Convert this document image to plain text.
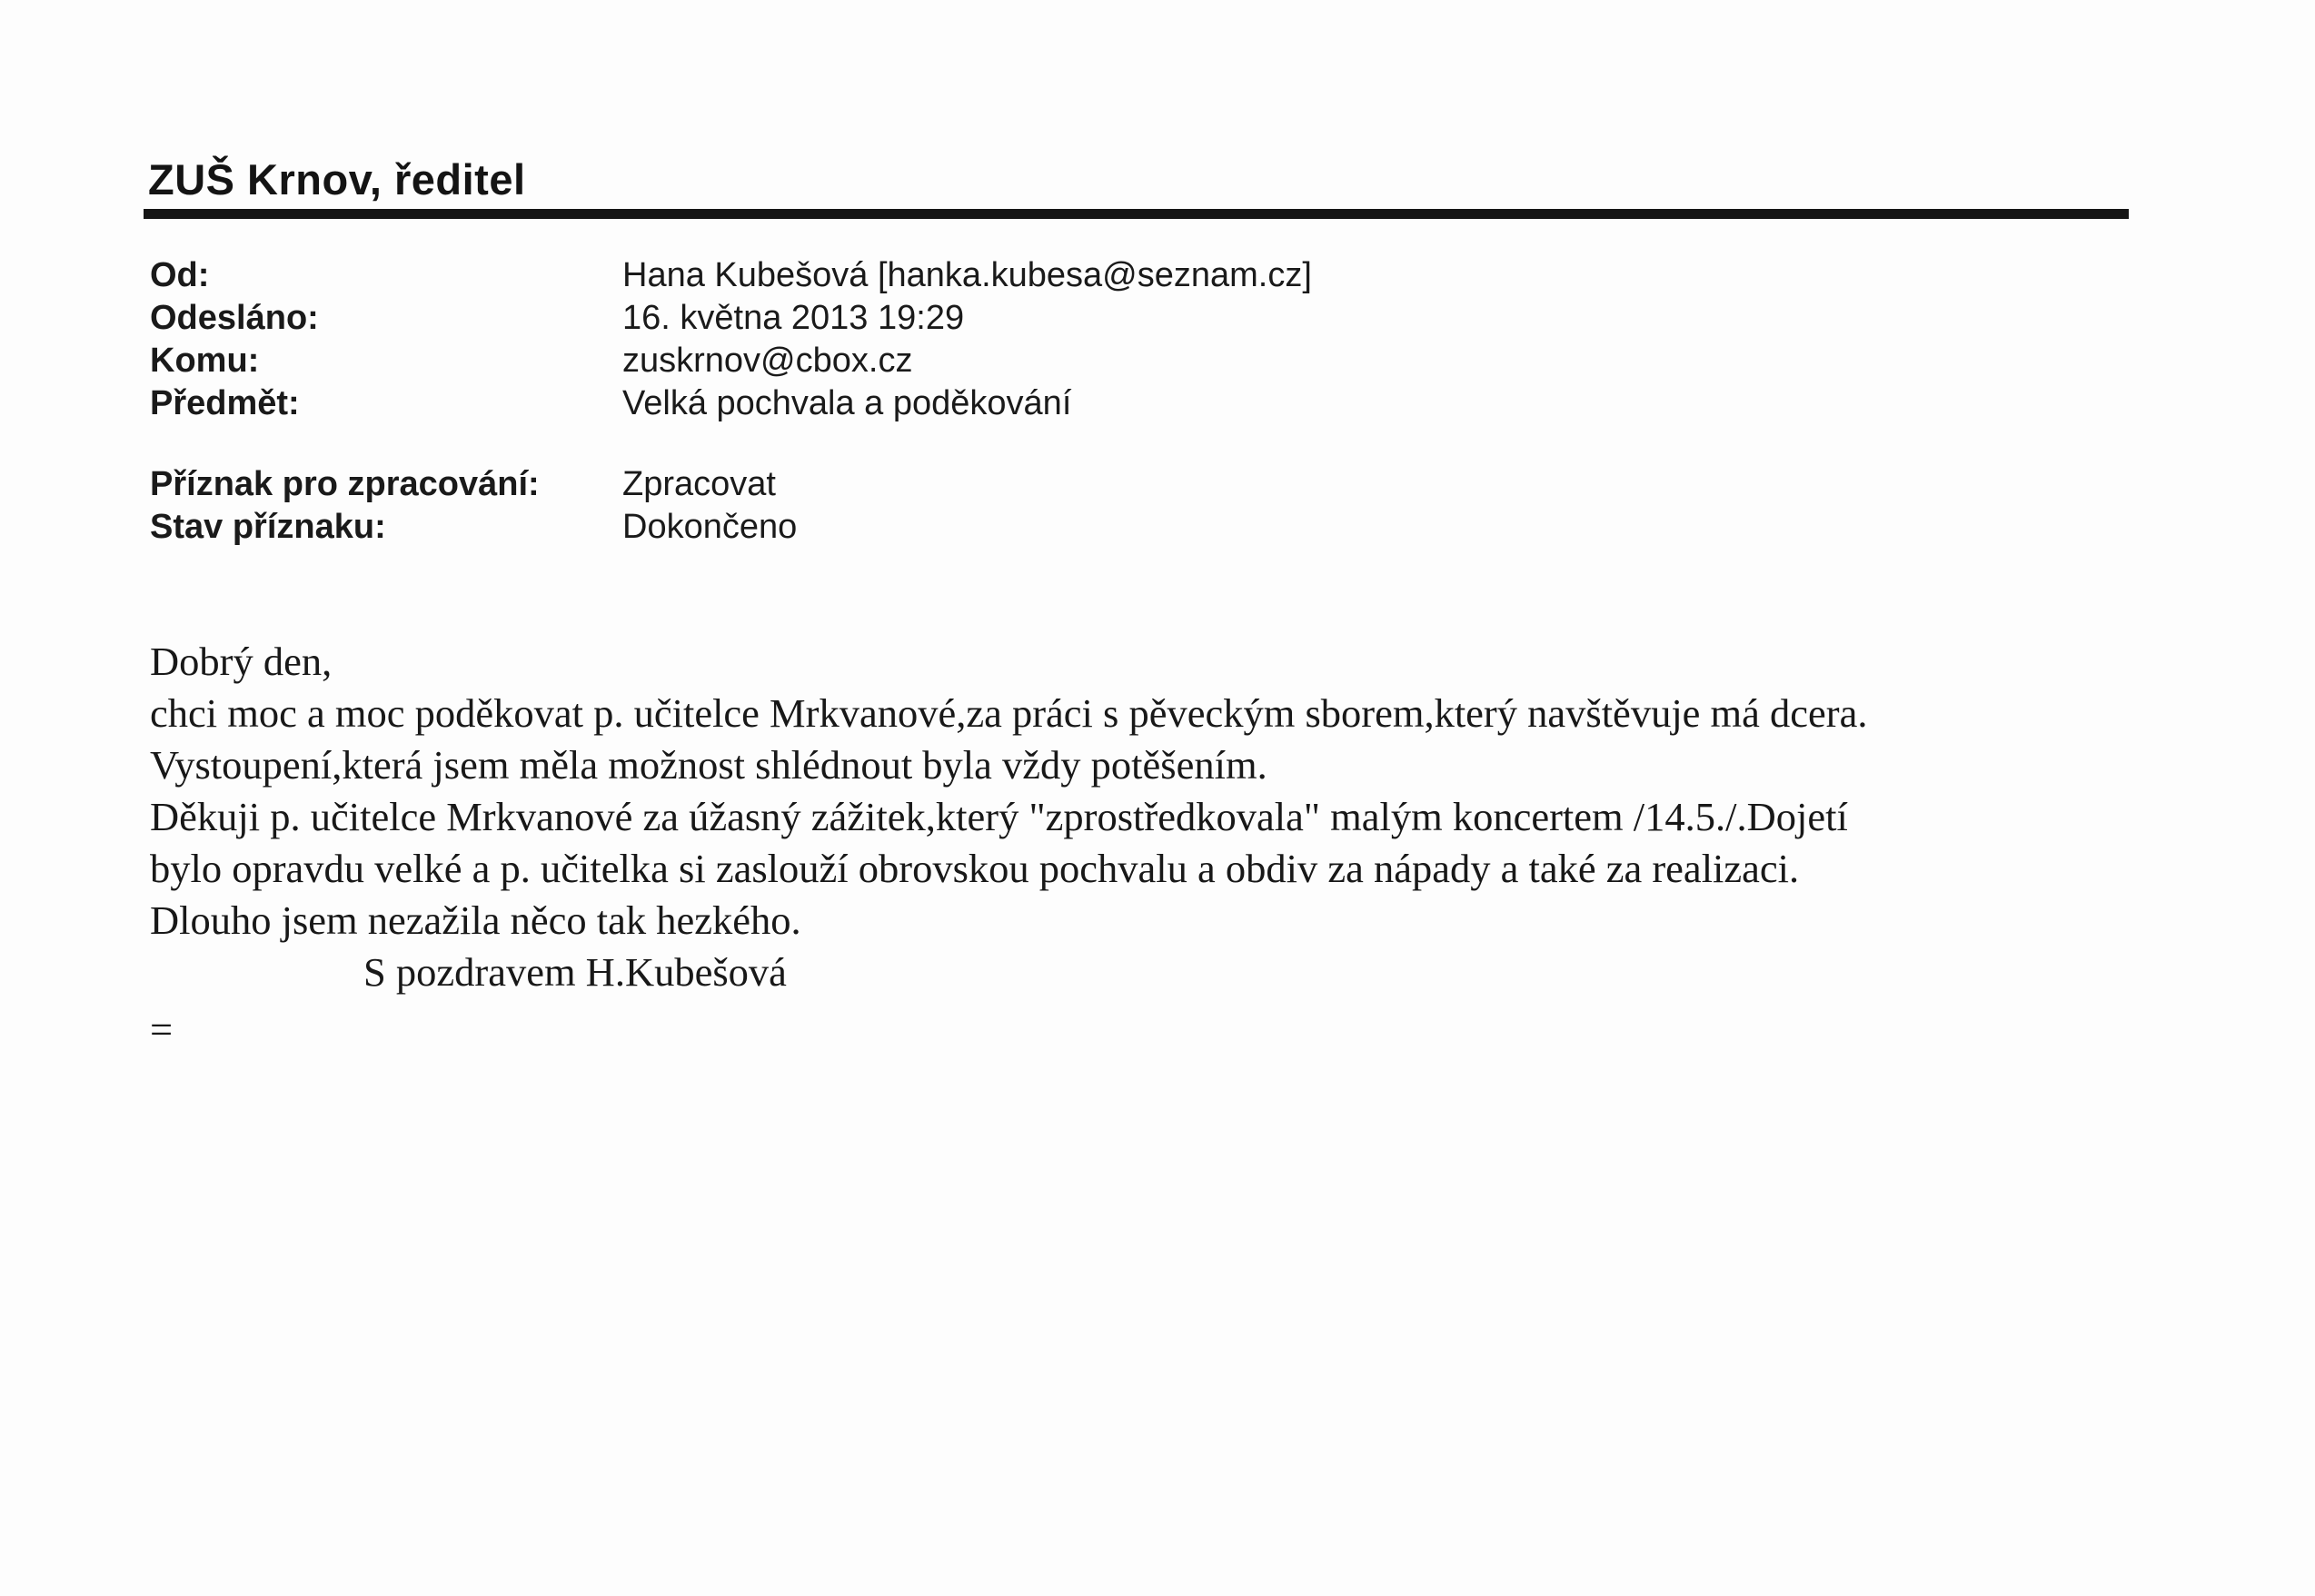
ZUŠ Krnov, ředitel
Od:	Hana Kubešová [hanka.kubesa@seznam.cz]
Odesláno:	16. května 2013 19:29
Komu:	zuskrnov@cbox.cz
Předmět:	Velká pochvala a poděkování
Příznak pro zpracování:	Zpracovat
Stav příznaku:	Dokončeno

Dobrý den,

chci moc a moc poděkovat p. učitelce Mrkvanové,za práci s pěveckým sborem,který navštěvuje má dcera.

Vystoupení,která jsem měla možnost shlédnout byla vždy potěšením.

Děkuji p. učitelce Mrkvanové za úžasný zážitek,který "zprostředkovala" malým koncertem /14.5./.Dojetí

bylo opravdu velké a p. učitelka si zaslouží obrovskou pochvalu a obdiv za nápady a také za realizaci.

Dlouho jsem nezažila něco tak hezkého.

S pozdravem H.Kubešová

=
